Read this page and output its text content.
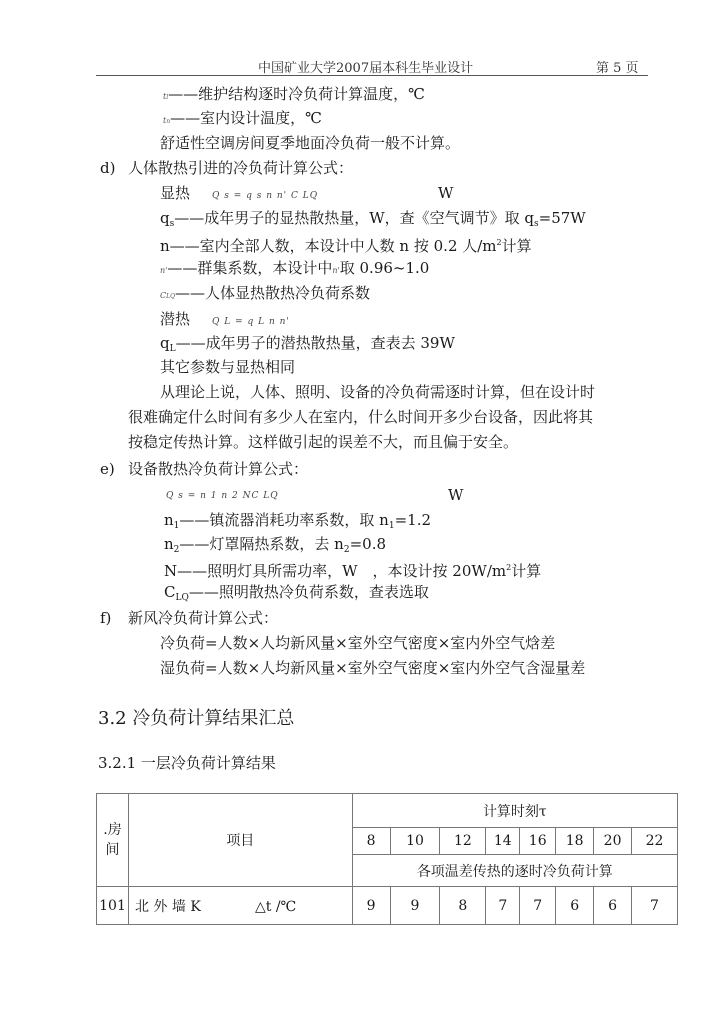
中国矿业大学2007届本科生毕业设计	第 5 页
tl——维护结构逐时冷负荷计算温度，℃
tn——室内设计温度，℃
舒适性空调房间夏季地面冷负荷一般不计算。
d) 人体散热引进的冷负荷计算公式：
显热 Q s = q s n n' C LQ	W
$q_s——$成年男子的显热散热量，W，查《空气调节》取 $q_s=57W$
n——室内全部人数，本设计中人数 n 按 0.2 人$/m^2$计算
n'——群集系数，本设计中n'取 0.96~1.0
CLQ——人体显热散热冷负荷系数
潜热 Q L = q L n n'
$q_L——$成年男子的潜热散热量，查表去 39W
其它参数与显热相同
从理论上说，人体、照明、设备的冷负荷需逐时计算，但在设计时
很难确定什么时间有多少人在室内，什么时间开多少台设备，因此将其
按稳定传热计算。这样做引起的误差不大，而且偏于安全。
e) 设备散热冷负荷计算公式：
Q s = n 1 n 2 NC LQ	W
$n_1——$镇流器消耗功率系数，取 $n_1=1.2$
$n_2——$灯罩隔热系数，去 $n_2=0.8$
N——照明灯具所需功率，W　，本设计按 $20W/m^2$计算
$C_{LQ}——$照明散热冷负荷系数，查表选取
f) 新风冷负荷计算公式：
冷负荷=人数×人均新风量×室外空气密度×室内外空气焓差
湿负荷=人数×人均新风量×室外空气密度×室内外空气含湿量差
3.2 冷负荷计算结果汇总
3.2.1 一层冷负荷计算结果
.房
间	项目	计算时刻τ							
		8	10	12	14	16	18	20	22
		各项温差传热的逐时冷负荷计算							
101	北 外 墙 K △t /℃	9	9	8	7	7	6	6	7
